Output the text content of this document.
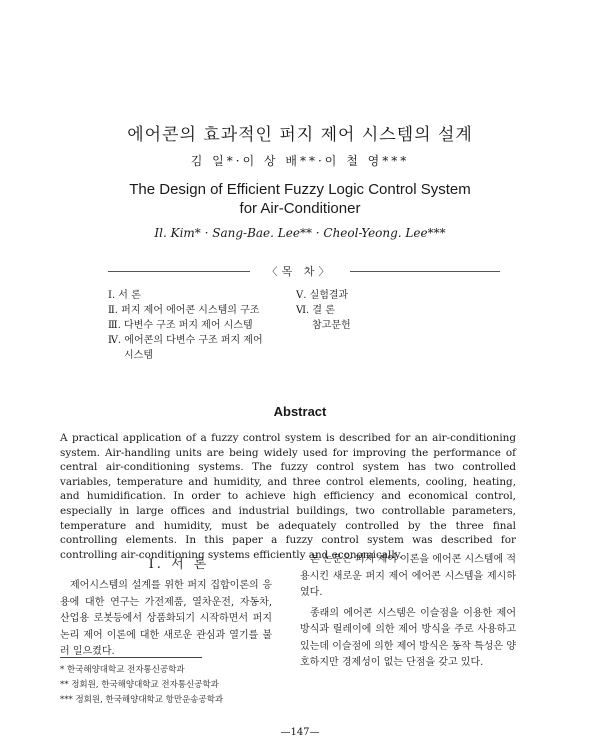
에어콘의 효과적인 퍼지 제어 시스템의 설계
김 일*·이 상 배**·이 철 영***
The Design of Efficient Fuzzy Logic Control System
for Air-Conditioner
Il. Kim* · Sang-Bae. Lee** · Cheol-Yeong. Lee***
〈목 차〉
Ⅰ. 서 론
Ⅱ. 퍼지 제어 에어콘 시스템의 구조
Ⅲ. 다변수 구조 퍼지 제어 시스템
Ⅳ. 에어콘의 다변수 구조 퍼지 제어
시스템
Ⅴ. 실험결과
Ⅵ. 결 론
참고문헌
Abstract
A practical application of a fuzzy control system is described for an air-conditioning system. Air-handling units are being widely used for improving the performance of central air-conditioning systems. The fuzzy control system has two controlled variables, temperature and humidity, and three control elements, cooling, heating, and humidification. In order to achieve high efficiency and economical control, especially in large offices and industrial buildings, two controllable parameters, temperature and humidity, must be adequately controlled by the three final controlling elements. In this paper a fuzzy control system was described for controlling air-conditioning systems efficiently and economically.
Ⅰ. 서 론

제어시스템의 설계를 위한 퍼지 집합이론의 응용에 대한 연구는 가전제품, 열차운전, 자동차, 산업용 로봇등에서 상품화되기 시작하면서 퍼지 논리 제어 이론에 대한 새로운 관심과 열기를 불러 일으켰다.

본 논문은 퍼지 제어 이론을 에어콘 시스템에 적용시킨 새로운 퍼지 제어 에어콘 시스템을 제시하였다.

종래의 에어콘 시스템은 이슬점을 이용한 제어 방식과 릴레이에 의한 제어 방식을 주로 사용하고 있는데 이슬점에 의한 제어 방식은 동작 특성은 양호하지만 경제성이 없는 단점을 갖고 있다.

* 한국해양대학교 전자통신공학과
** 정회원, 한국해양대학교 전자통신공학과
*** 정회원, 한국해양대학교 항만운송공학과
—147—
